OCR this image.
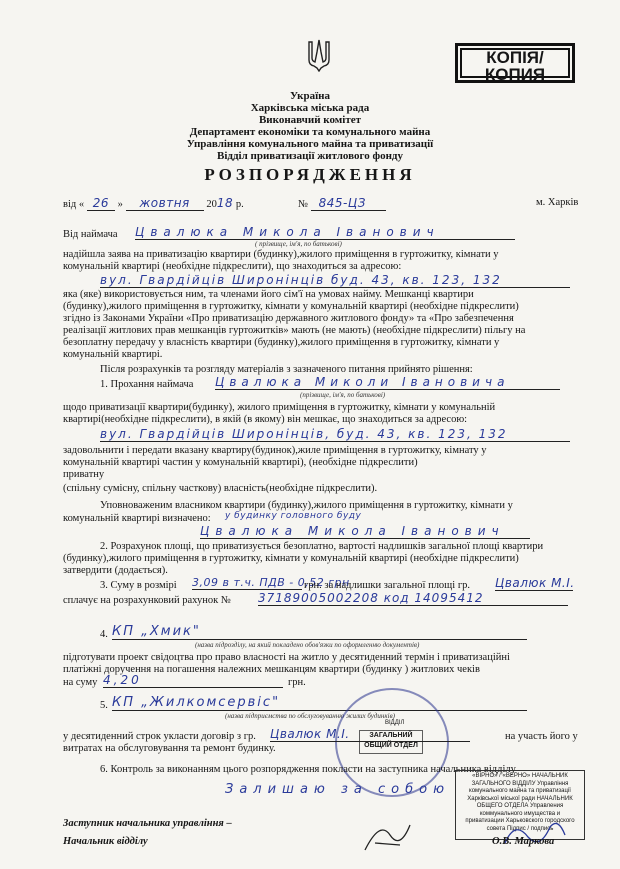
КОПІЯ/
КОПИЯ
Україна
Харківська міська рада
Виконавчий комітет
Департамент економіки та комунального майна
Управління комунального майна та приватизації
Відділ приватизації житлового фонду
РОЗПОРЯДЖЕННЯ
від « 26 » жовтня 2018 р.	№ 845-ЦЗ	м. Харків
Від наймача Цвалюка Микола Іванович
( прізвище, ім'я, по батькові)
надійшла заява на приватизацію квартири (будинку),жилого приміщення в гуртожитку, кімнати у
комунальній квартирі (необхідне підкреслити), що знаходиться за адресою:
вул. Гвардійців Широнінців буд. 43, кв. 123, 132
яка (яке) використовується ним, та членами його сім'ї на умовах найму. Мешканці квартири
(будинку),жилого приміщення в гуртожитку, кімнати у комунальній квартирі (необхідне підкреслити)
згідно із Законами України «Про приватизацію державного житлового фонду» та «Про забезпечення
реалізації житлових прав мешканців гуртожитків» мають (не мають) (необхідне підкреслити) пільгу на
безоплатну передачу у власність квартири (будинку),жилого приміщення в гуртожитку, кімнати у
комунальній квартирі.
Після розрахунків та розгляду матеріалів з зазначеного питання прийнято рішення:
1. Прохання наймача Цвалюка Миколи Івановича
(прізвище, ім'я, по батькові)
щодо приватизації квартири(будинку), жилого приміщення в гуртожитку, кімнати у комунальній
квартирі(необхідне підкреслити), в якій (в якому) він мешкає, що знаходиться за адресою:
вул. Гвардійців Широнінців, буд. 43, кв. 123, 132
задовольнити і передати вказану квартиру(будинок),жиле приміщення в гуртожитку, кімнату у
комунальній квартирі частин у комунальній квартирі), (необхідне підкреслити)
приватну
(спільну сумісну, спільну часткову) власність(необхідне підкреслити).
Уповноваженим власником квартири (будинку),жилого приміщення в гуртожитку, кімнати у
комунальній квартирі визначено: у будинку головного буду
Цвалюка Микола Іванович
2. Розрахунок площі, що приватизується безоплатно, вартості надлишків загальної площі квартири
(будинку),жилого приміщення в гуртожитку, кімнати у комунальній квартирі (необхідне підкреслити)
затвердити (додається).
3. Суму в розмірі 3,09 в т.ч. ПДВ - 0,52 грн
грн. за надлишки загальної площі гр. Цвалюк М.І.
сплачує на розрахунковий рахунок № 37189005002208 код 14095412
4. КП „Хмик"
(назва підрозділу, на який покладено обов'язки по оформленню документів)
підготувати проект свідоцтва про право власності на житло у десятиденний термін і приватизаційні
платіжні доручення на погашення належних мешканцям квартири (будинку ) житлових чеків
на суму 4,20	грн.
5. КП „Жилкомсервіс"
(назва підприємства по обслуговуванню жилих будинків)
ЗАГАЛЬНИЙ
ОБЩИЙ ОТДЕЛ
ВІДДІЛ
у десятиденний строк укласти договір з гр. Цвалюк М.І.	на участь його у
витратах на обслуговування та ремонт будинку.
6. Контроль за виконанням цього розпорядження покласти на заступника начальника відділу
Залишаю за собою
«ВІРНО» / «ВЕРНО» НАЧАЛЬНИК ЗАГАЛЬНОГО ВІДДІЛУ Управління комунального майна та приватизації Харківської міської ради НАЧАЛЬНИК ОБЩЕГО ОТДЕЛА Управления коммунального имущества и приватизации Харьковского городского совета Підпис / подпись
Заступник начальника управління –
Начальник відділу	О.В. Маркова
